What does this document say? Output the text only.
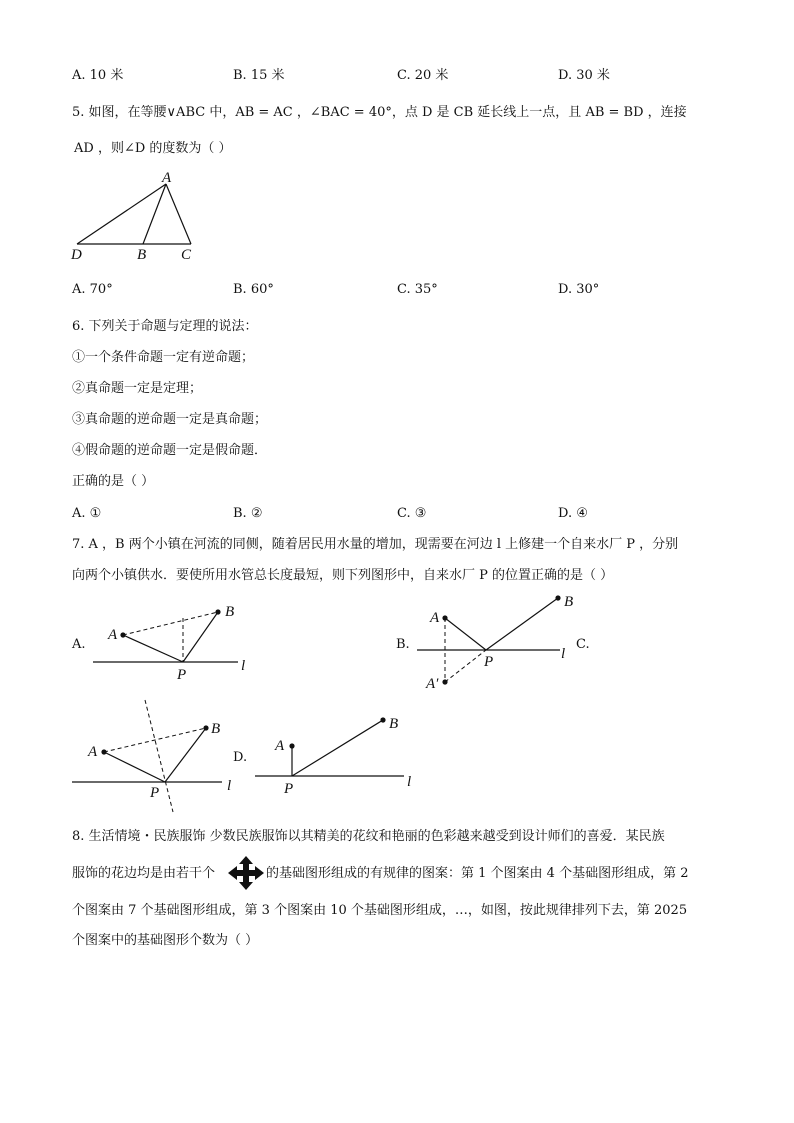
A. 10 米	B. 15 米	C. 20 米	D. 30 米
5. 如图，在等腰∨ABC 中，AB = AC ，∠BAC = 40°，点 D 是 CB 延长线上一点，且 AB = BD ，连接
AD ，则∠D 的度数为（ ）
A
D	B C
A. 70°	B. 60°	C. 35°	D. 30°
6. 下列关于命题与定理的说法：
①一个条件命题一定有逆命题；
②真命题一定是定理；
③真命题的逆命题一定是真命题；
④假命题的逆命题一定是假命题．
正确的是（ ）
A. ①	B. ②	C. ③	D. ④
7. A ，B 两个小镇在河流的同侧，随着居民用水量的增加，现需要在河边 l 上修建一个自来水厂 P ，分别
向两个小镇供水．要使所用水管总长度最短，则下列图形中，自来水厂 P 的位置正确的是（ ）
A.
A
B
P
l
B.
A
B
P	l
A′
C.
A
B
P	l
D.
A
B
P	l
8. 生活情境・民族服饰 少数民族服饰以其精美的花纹和艳丽的色彩越来越受到设计师们的喜爱．某民族
服饰的花边均是由若干个	的基础图形组成的有规律的图案：第 1 个图案由 4 个基础图形组成，第 2
个图案由 7 个基础图形组成，第 3 个图案由 10 个基础图形组成，…，如图，按此规律排列下去，第 2025
个图案中的基础图形个数为（ ）
